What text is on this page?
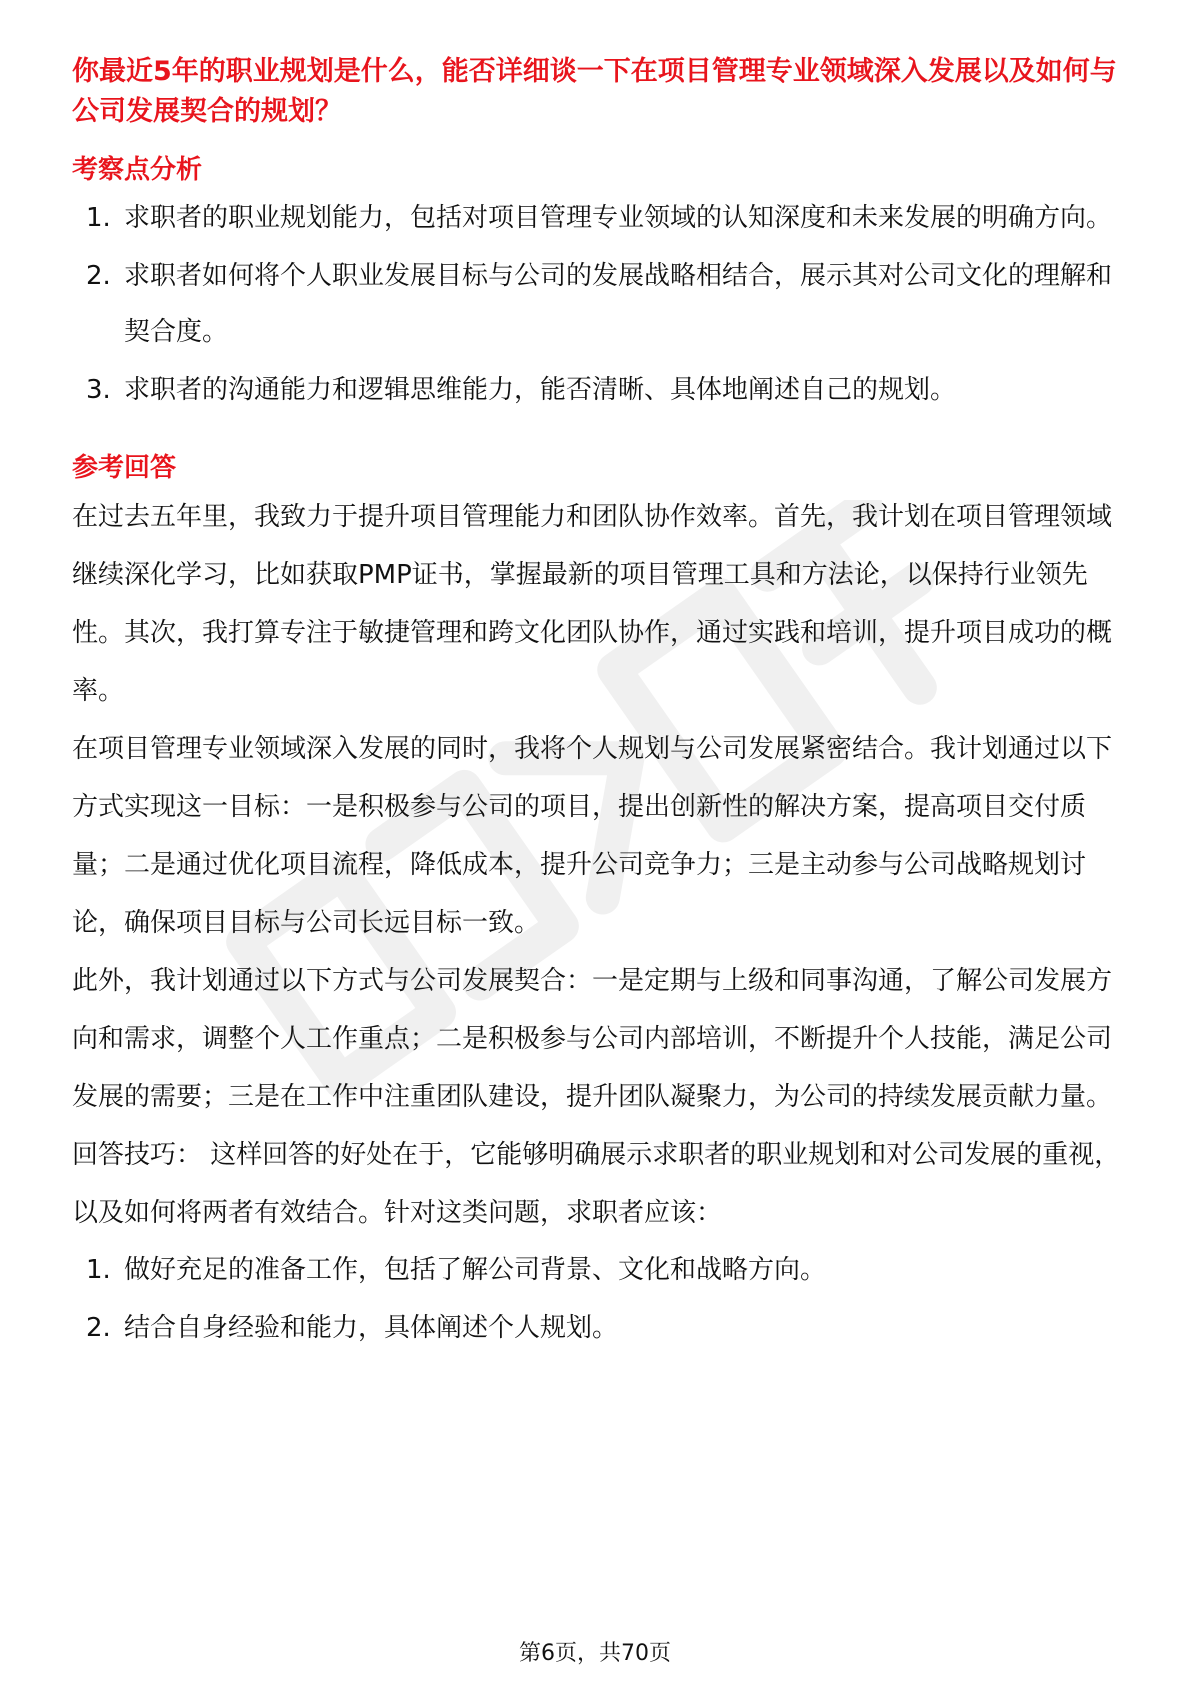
你最近5年的职业规划是什么，能否详细谈一下在项目管理专业领域深入发展以及如何与公司发展契合的规划？
考察点分析
1. 求职者的职业规划能力，包括对项目管理专业领域的认知深度和未来发展的明确方向。
2. 求职者如何将个人职业发展目标与公司的发展战略相结合，展示其对公司文化的理解和契合度。
3. 求职者的沟通能力和逻辑思维能力，能否清晰、具体地阐述自己的规划。
参考回答

在过去五年里，我致力于提升项目管理能力和团队协作效率。首先，我计划在项目管理领域继续深化学习，比如获取PMP证书，掌握最新的项目管理工具和方法论，以保持行业领先性。其次，我打算专注于敏捷管理和跨文化团队协作，通过实践和培训，提升项目成功的概率。

在项目管理专业领域深入发展的同时，我将个人规划与公司发展紧密结合。我计划通过以下方式实现这一目标：一是积极参与公司的项目，提出创新性的解决方案，提高项目交付质量；二是通过优化项目流程，降低成本，提升公司竞争力；三是主动参与公司战略规划讨论，确保项目目标与公司长远目标一致。

此外，我计划通过以下方式与公司发展契合：一是定期与上级和同事沟通，了解公司发展方向和需求，调整个人工作重点；二是积极参与公司内部培训，不断提升个人技能，满足公司发展的需要；三是在工作中注重团队建设，提升团队凝聚力，为公司的持续发展贡献力量。

回答技巧： 这样回答的好处在于，它能够明确展示求职者的职业规划和对公司发展的重视，以及如何将两者有效结合。针对这类问题，求职者应该：

1. 做好充足的准备工作，包括了解公司背景、文化和战略方向。
2. 结合自身经验和能力，具体阐述个人规划。
第6页，共70页
